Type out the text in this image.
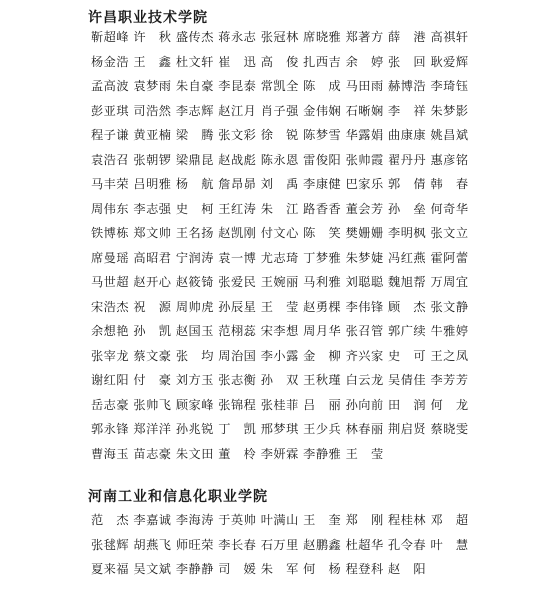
许昌职业技术学院
靳超峰 许　秋 盛传杰 蒋永志 张冠林 席晓雅 郑著方 薛　港 高祺轩
杨金浩 王　鑫 杜文轩 崔　迅 高　俊 扎西吉 余　婷 张　回 耿爱辉
孟高波 袁梦雨 朱自豪 李昆泰 常凯全 陈　成 马田雨 赫博浩 李琦钰
彭亚琪 司浩然 李志辉 赵江月 肖子强 金伟娴 石晰娴 李　祥 朱梦影
程子谦 黄亚楠 梁　腾 张文彩 徐　锐 陈梦雪 华露娟 曲康康 姚昌斌
袁浩召 张朝锣 梁鼎昆 赵战彪 陈永恩 雷俊阳 张帅霞 翟丹丹 惠彦铭
马丰荣 吕明雅 杨　航 詹昂昴 刘　禹 李康健 巴家乐 郭　倩 韩　春
周伟东 李志强 史　柯 王红涛 朱　江 路香香 董会芳 孙　垒 何奇华
铁博栋 郑文帅 王名扬 赵凯刚 付文心 陈　笑 樊姗姗 李明枫 张文立
席曼瑶 高昭君 宁润涛 袁一博 尤志琦 丁梦雅 朱梦婕 冯红燕 霍阿蕾
马世超 赵开心 赵筱锜 张爱民 王婉丽 马利雅 刘聪聪 魏旭帮 万周宜
宋浩杰 祝　源 周帅虎 孙辰星 王　莹 赵勇棵 李伟锋 顾　杰 张文静
余想艳 孙　凯 赵国玉 范栩蕊 宋李想 周月华 张召管 郭广续 牛雅婷
张宰龙 蔡文豪 张　均 周治国 李小露 金　柳 齐兴家 史　可 王之凤
谢红阳 付　豪 刘方玉 张志衡 孙　双 王秋瑾 白云龙 吴倩佳 李芳芳
岳志豪 张帅飞 顾家峰 张锦程 张桂菲 吕　丽 孙向前 田　润 何　龙
郭永锋 郑洋洋 孙兆锐 丁　凯 邢梦琪 王少兵 林春丽 荆启贤 蔡晓雯
曹海玉 苗志豪 朱文田 董　柃 李妍霖 李静雅 王　莹
河南工业和信息化职业学院
范　杰 李嘉诚 李海涛 于英帅 叶满山 王　奎 郑　刚 程桂林 邓　超
张毬辉 胡燕飞 师旺荣 李长春 石万里 赵鹏鑫 杜超华 孔令春 叶　慧
夏来福 吴文斌 李静静 司　媛 朱　军 何　杨 程登科 赵　阳
